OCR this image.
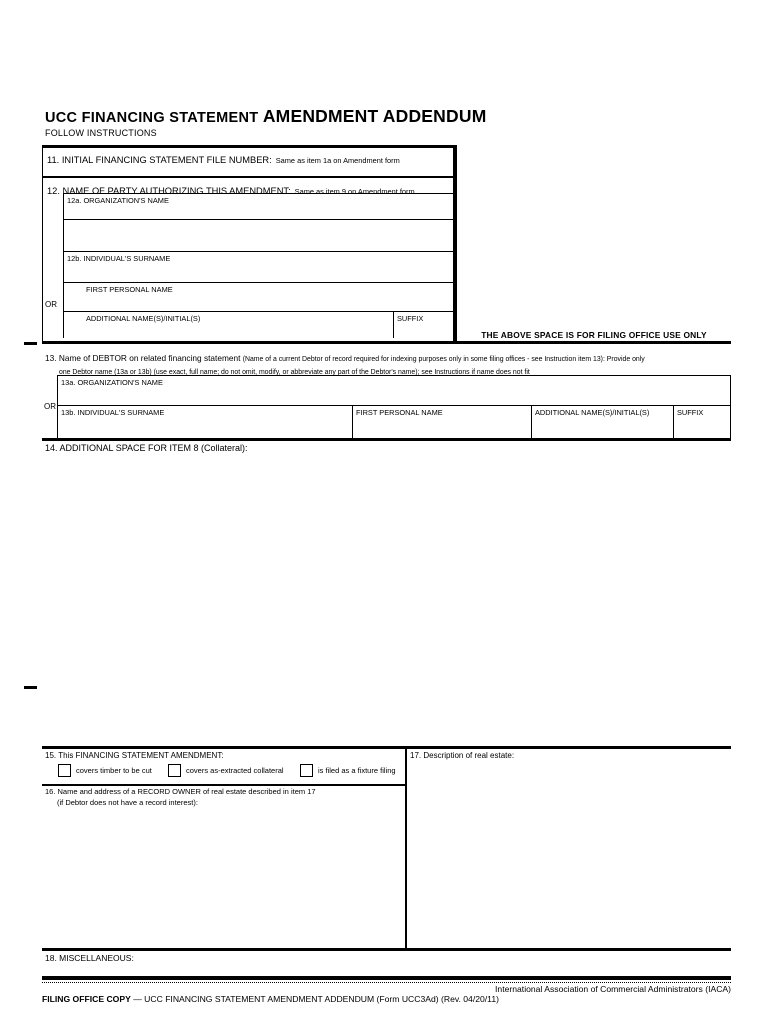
UCC FINANCING STATEMENT AMENDMENT ADDENDUM
FOLLOW INSTRUCTIONS
11. INITIAL FINANCING STATEMENT FILE NUMBER: Same as item 1a on Amendment form
12. NAME OF PARTY AUTHORIZING THIS AMENDMENT: Same as item 9 on Amendment form
OR
12a. ORGANIZATION'S NAME
12b. INDIVIDUAL'S SURNAME
FIRST PERSONAL NAME
ADDITIONAL NAME(S)/INITIAL(S)	SUFFIX
THE ABOVE SPACE IS FOR FILING OFFICE USE ONLY
13. Name of DEBTOR on related financing statement (Name of a current Debtor of record required for indexing purposes only in some filing offices - see Instruction item 13): Provide only
one Debtor name (13a or 13b) (use exact, full name; do not omit, modify, or abbreviate any part of the Debtor's name); see Instructions if name does not fit
OR
13a. ORGANIZATION'S NAME
13b. INDIVIDUAL'S SURNAME	FIRST PERSONAL NAME	ADDITIONAL NAME(S)/INITIAL(S)	SUFFIX
14. ADDITIONAL SPACE FOR ITEM 8 (Collateral):
15. This FINANCING STATEMENT AMENDMENT:
covers timber to be cut	covers as-extracted collateral	is filed as a fixture filing
16. Name and address of a RECORD OWNER of real estate described in item 17
(if Debtor does not have a record interest):
17. Description of real estate:
18. MISCELLANEOUS:
International Association of Commercial Administrators (IACA)
FILING OFFICE COPY — UCC FINANCING STATEMENT AMENDMENT ADDENDUM (Form UCC3Ad) (Rev. 04/20/11)
